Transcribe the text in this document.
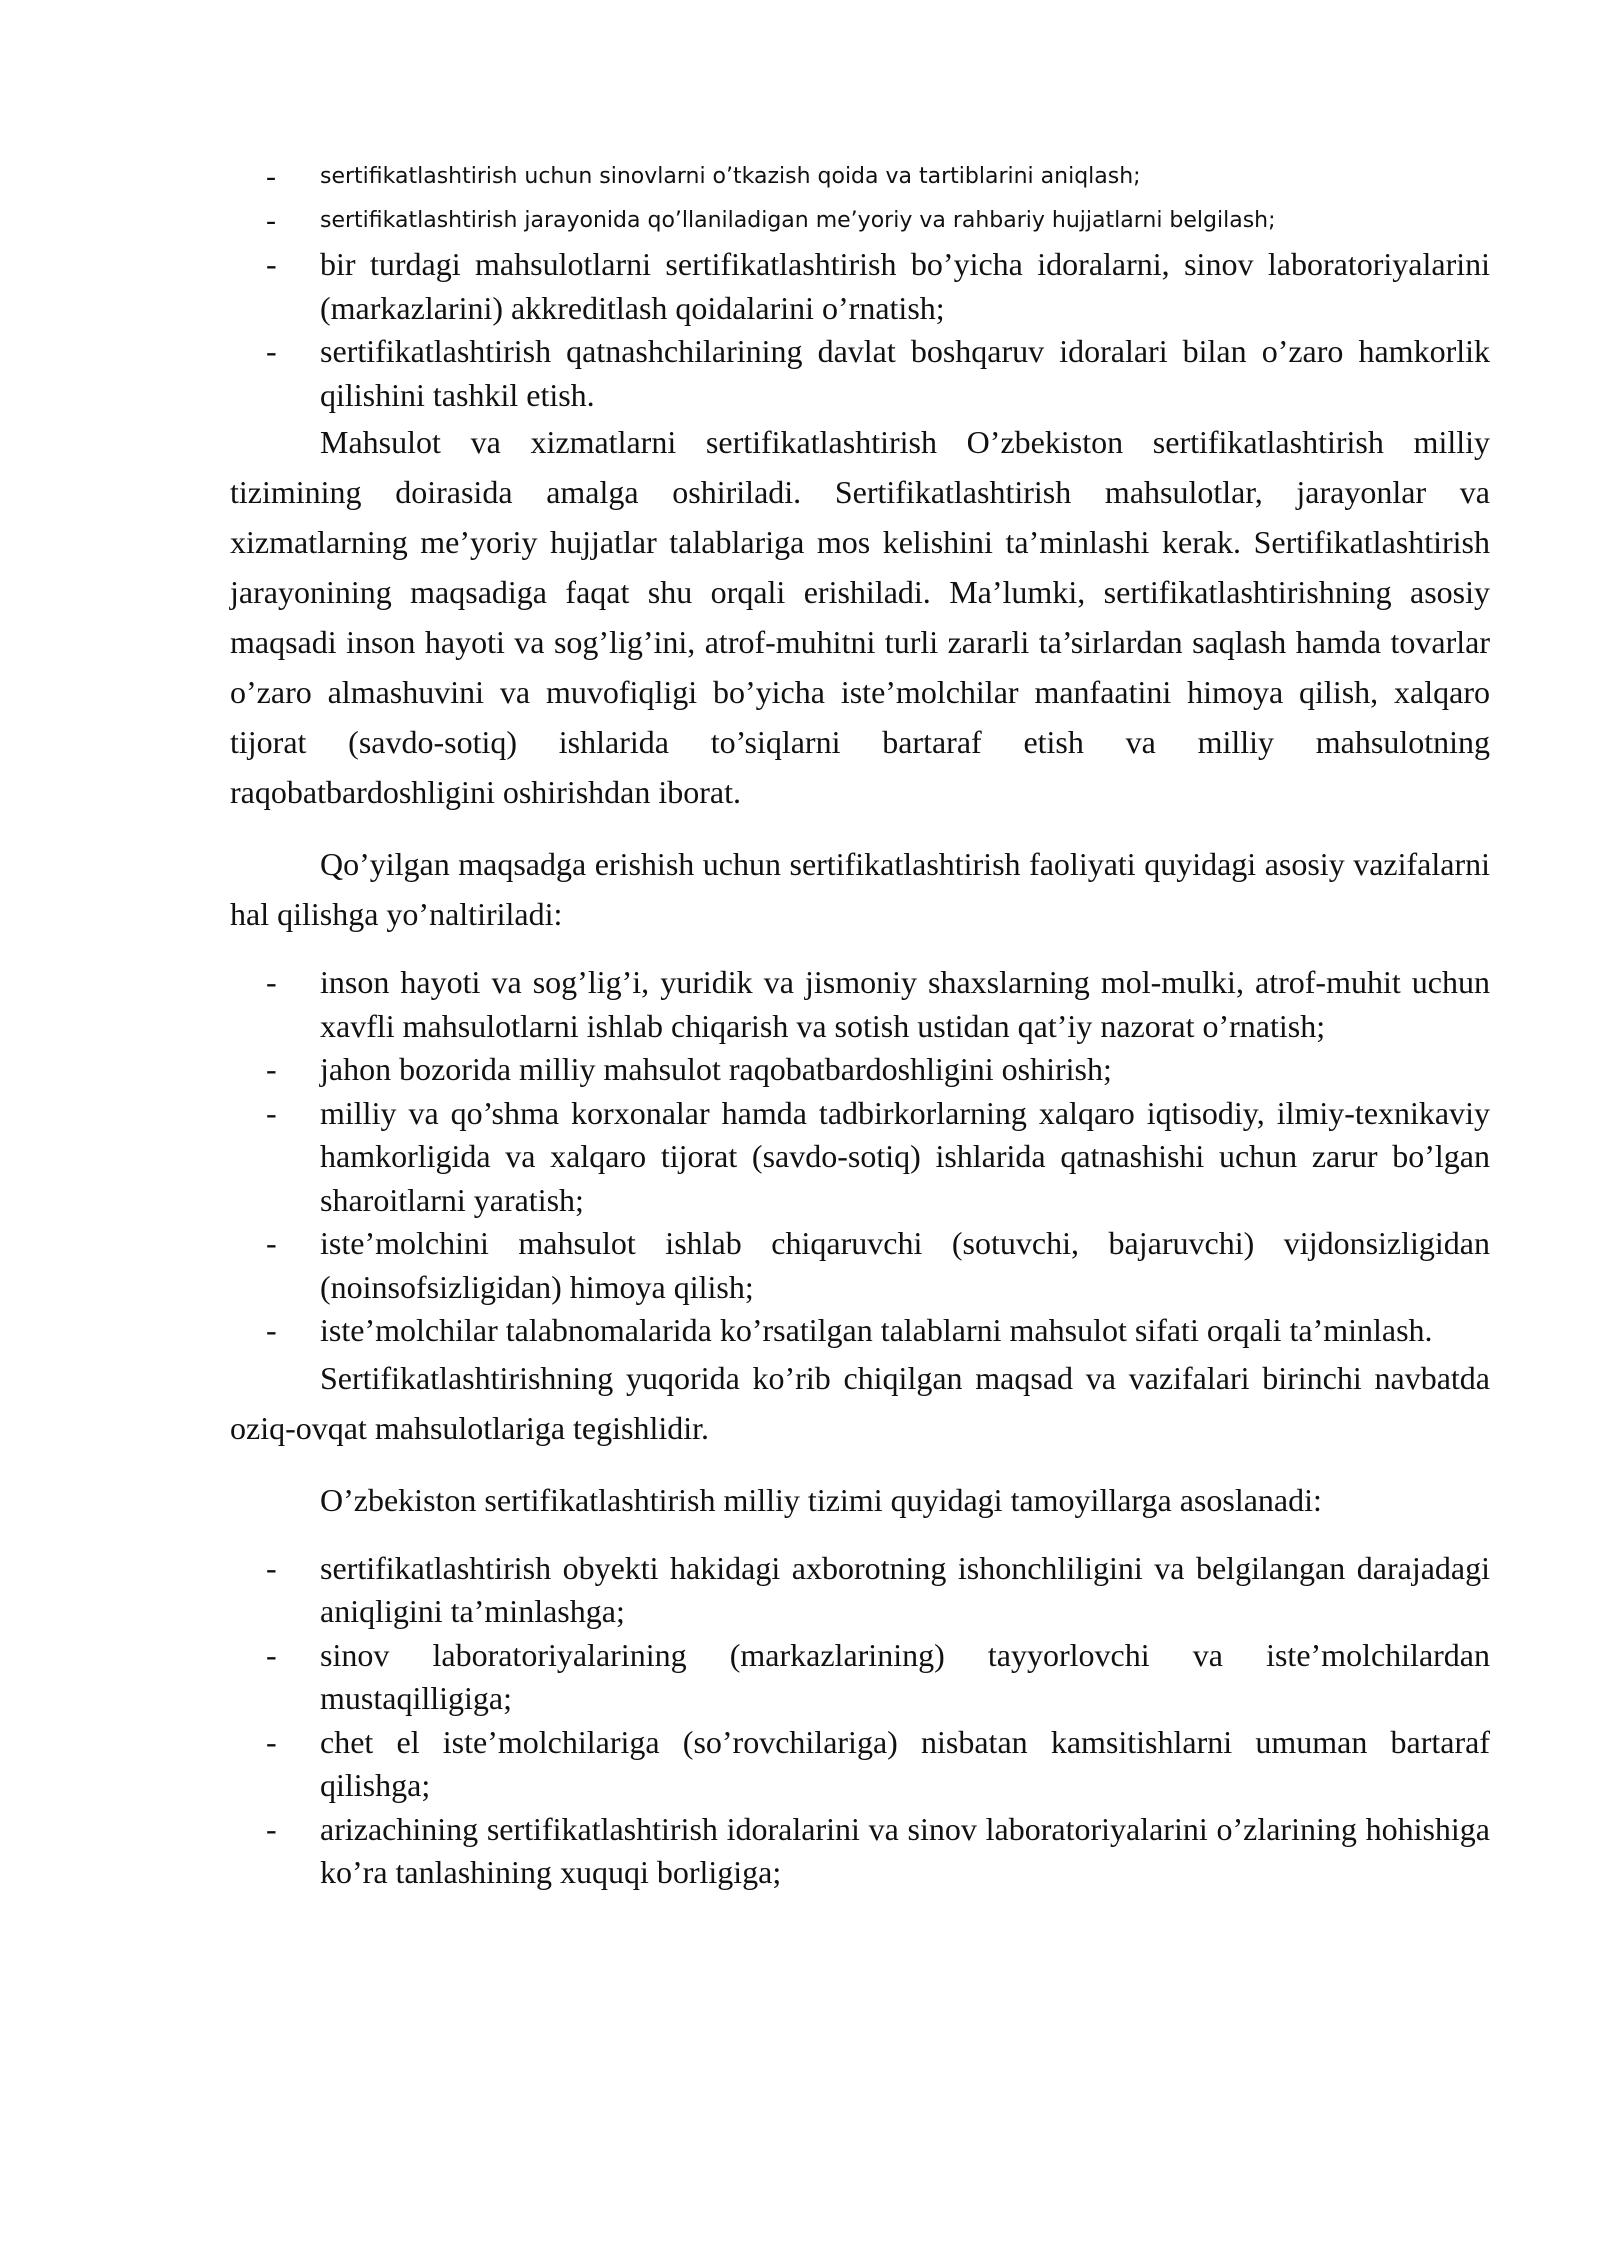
- sertifikatlashtirish uchun sinovlarni o’tkazish qoida va tartiblarini aniqlash;
- sertifikatlashtirish jarayonida qo’llaniladigan me’yoriy va rahbariy hujjatlarni belgilash;
- bir turdagi mahsulotlarni sertifikatlashtirish bo’yicha idoralarni, sinov laboratoriyalarini (markazlarini) akkreditlash qoidalarini o’rnatish;
- sertifikatlashtirish qatnashchilarining davlat boshqaruv idoralari bilan o’zaro hamkorlik qilishini tashkil etish.

Mahsulot va xizmatlarni sertifikatlashtirish O’zbekiston sertifikatlashtirish milliy tizimining doirasida amalga oshiriladi. Sertifikatlashtirish mahsulotlar, jarayonlar va xizmatlarning me’yoriy hujjatlar talablariga mos kelishini ta’minlashi kerak. Sertifikatlashtirish jarayonining maqsadiga faqat shu orqali erishiladi. Ma’lumki, sertifikatlashtirishning asosiy maqsadi inson hayoti va sog’lig’ini, atrof-muhitni turli zararli ta’sirlardan saqlash hamda tovarlar o’zaro almashuvini va muvofiqligi bo’yicha iste’molchilar manfaatini himoya qilish, xalqaro tijorat (savdo-sotiq) ishlarida to’siqlarni bartaraf etish va milliy mahsulotning raqobatbardoshligini oshirishdan iborat.

Qo’yilgan maqsadga erishish uchun sertifikatlashtirish faoliyati quyidagi asosiy vazifalarni hal qilishga yo’naltiriladi:

- inson hayoti va sog’lig’i, yuridik va jismoniy shaxslarning mol-mulki, atrof-muhit uchun xavfli mahsulotlarni ishlab chiqarish va sotish ustidan qat’iy nazorat o’rnatish;
- jahon bozorida milliy mahsulot raqobatbardoshligini oshirish;
- milliy va qo’shma korxonalar hamda tadbirkorlarning xalqaro iqtisodiy, ilmiy-texnikaviy hamkorligida va xalqaro tijorat (savdo-sotiq) ishlarida qatnashishi uchun zarur bo’lgan sharoitlarni yaratish;
- iste’molchini mahsulot ishlab chiqaruvchi (sotuvchi, bajaruvchi) vijdonsizligidan (noinsofsizligidan) himoya qilish;
- iste’molchilar talabnomalarida ko’rsatilgan talablarni mahsulot sifati orqali ta’minlash.

Sertifikatlashtirishning yuqorida ko’rib chiqilgan maqsad va vazifalari birinchi navbatda oziq-ovqat mahsulotlariga tegishlidir.

O’zbekiston sertifikatlashtirish milliy tizimi quyidagi tamoyillarga asoslanadi:

- sertifikatlashtirish obyekti hakidagi axborotning ishonchliligini va belgilangan darajadagi aniqligini ta’minlashga;
- sinov laboratoriyalarining (markazlarining) tayyorlovchi va iste’molchilardan mustaqilligiga;
- chet el iste’molchilariga (so’rovchilariga) nisbatan kamsitishlarni umuman bartaraf qilishga;
- arizachining sertifikatlashtirish idoralarini va sinov laboratoriyalarini o’zlarining hohishiga ko’ra tanlashining xuquqi borligiga;
